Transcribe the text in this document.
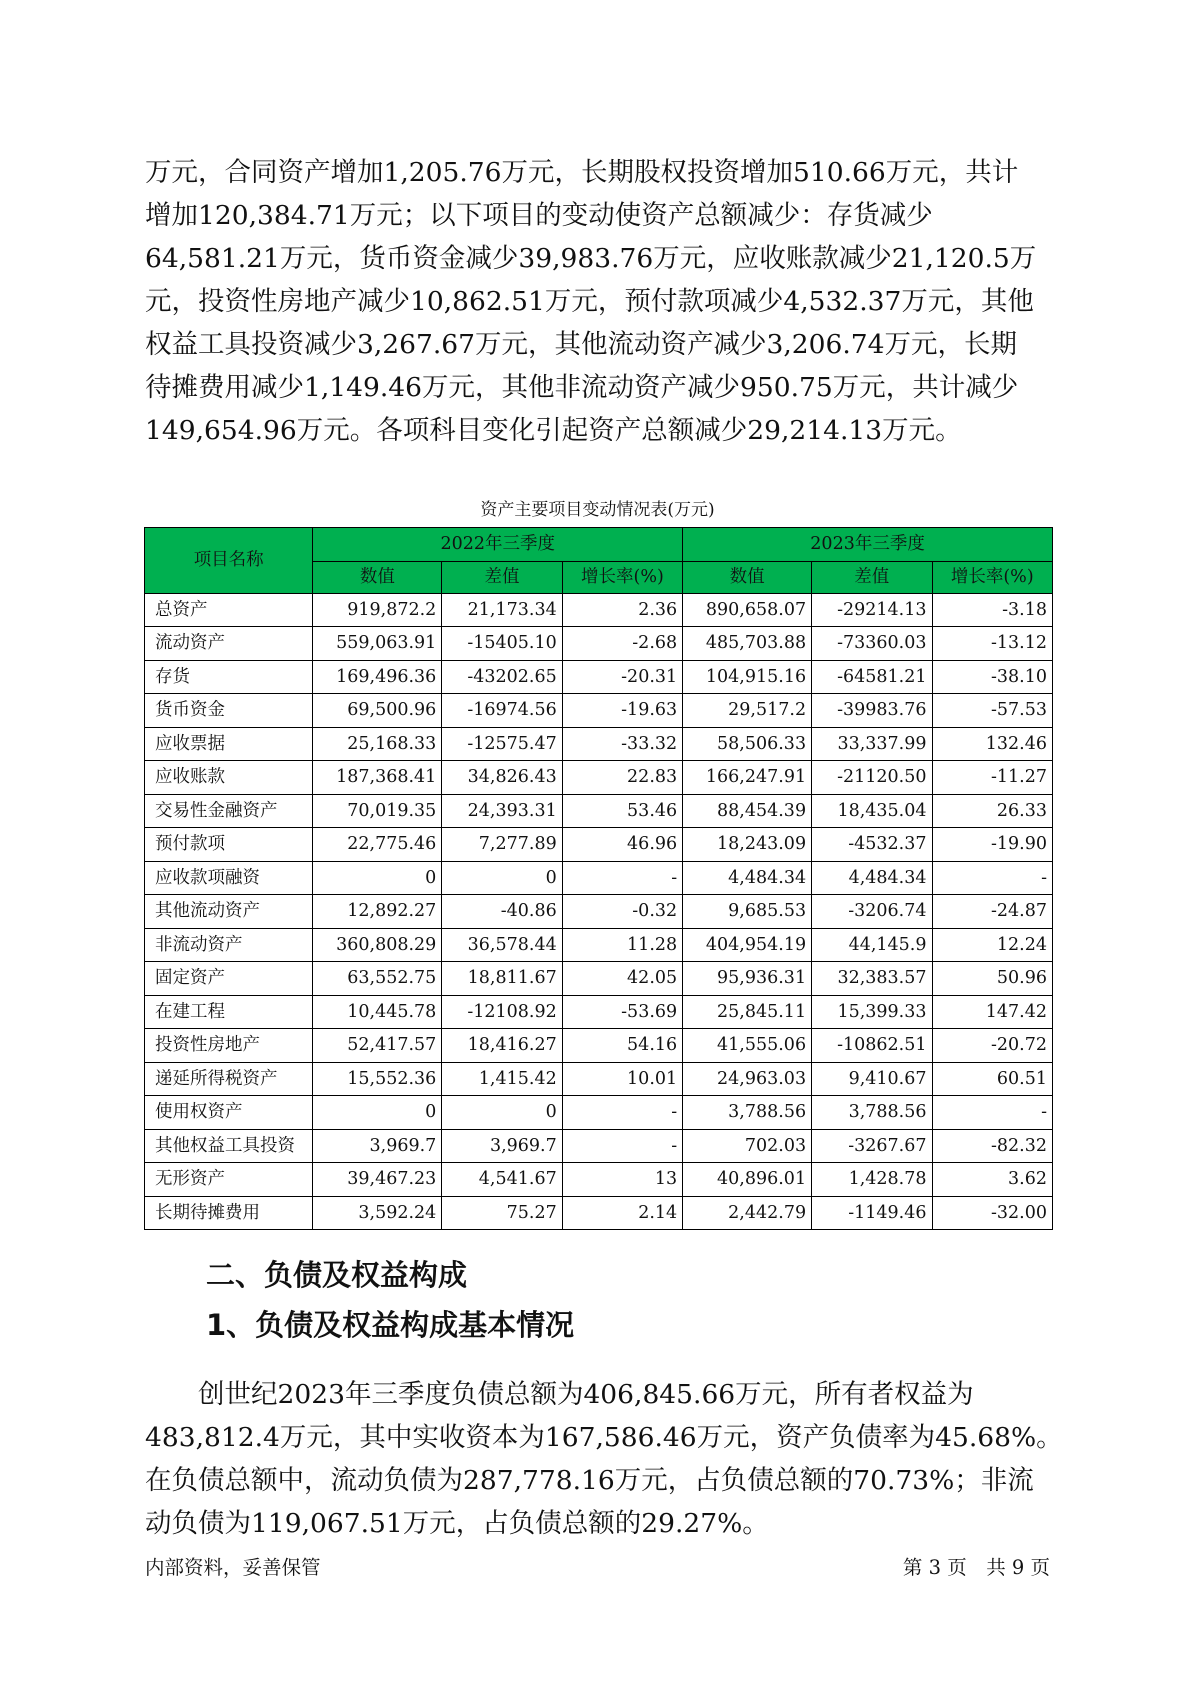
万元，合同资产增加1,205.76万元，长期股权投资增加510.66万元，共计
增加120,384.71万元；以下项目的变动使资产总额减少：存货减少
64,581.21万元，货币资金减少39,983.76万元，应收账款减少21,120.5万
元，投资性房地产减少10,862.51万元，预付款项减少4,532.37万元，其他
权益工具投资减少3,267.67万元，其他流动资产减少3,206.74万元，长期
待摊费用减少1,149.46万元，其他非流动资产减少950.75万元，共计减少
149,654.96万元。各项科目变化引起资产总额减少29,214.13万元。
资产主要项目变动情况表(万元)
项目名称	2022年三季度			2023年三季度		
	数值	差值	增长率(%)	数值	差值	增长率(%)
总资产	919,872.2	21,173.34	2.36	890,658.07	-29214.13	-3.18
流动资产	559,063.91	-15405.10	-2.68	485,703.88	-73360.03	-13.12
存货	169,496.36	-43202.65	-20.31	104,915.16	-64581.21	-38.10
货币资金	69,500.96	-16974.56	-19.63	29,517.2	-39983.76	-57.53
应收票据	25,168.33	-12575.47	-33.32	58,506.33	33,337.99	132.46
应收账款	187,368.41	34,826.43	22.83	166,247.91	-21120.50	-11.27
交易性金融资产	70,019.35	24,393.31	53.46	88,454.39	18,435.04	26.33
预付款项	22,775.46	7,277.89	46.96	18,243.09	-4532.37	-19.90
应收款项融资	0	0	-	4,484.34	4,484.34	-
其他流动资产	12,892.27	-40.86	-0.32	9,685.53	-3206.74	-24.87
非流动资产	360,808.29	36,578.44	11.28	404,954.19	44,145.9	12.24
固定资产	63,552.75	18,811.67	42.05	95,936.31	32,383.57	50.96
在建工程	10,445.78	-12108.92	-53.69	25,845.11	15,399.33	147.42
投资性房地产	52,417.57	18,416.27	54.16	41,555.06	-10862.51	-20.72
递延所得税资产	15,552.36	1,415.42	10.01	24,963.03	9,410.67	60.51
使用权资产	0	0	-	3,788.56	3,788.56	-
其他权益工具投资	3,969.7	3,969.7	-	702.03	-3267.67	-82.32
无形资产	39,467.23	4,541.67	13	40,896.01	1,428.78	3.62
长期待摊费用	3,592.24	75.27	2.14	2,442.79	-1149.46	-32.00
二、负债及权益构成
1、负债及权益构成基本情况
　　创世纪2023年三季度负债总额为406,845.66万元，所有者权益为
483,812.4万元，其中实收资本为167,586.46万元，资产负债率为45.68%。
在负债总额中，流动负债为287,778.16万元，占负债总额的70.73%；非流
动负债为119,067.51万元，占负债总额的29.27%。
内部资料，妥善保管	第 3 页　共 9 页
